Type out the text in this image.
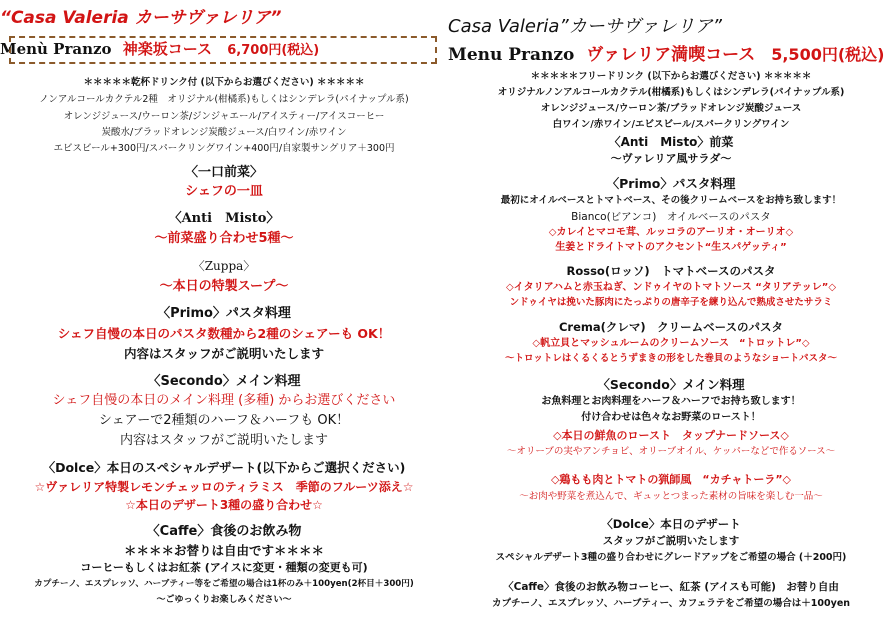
“Casa Valeria カーサヴァレリア”
Menù Pranzo 神楽坂コース 6,700円(税込)
＊＊＊＊＊乾杯ドリンク付 (以下からお選びください) ＊＊＊＊＊
ノンアルコールカクテル2種　オリジナル(柑橘系)もしくはシンデレラ(パイナップル系)
オレンジジュース/ウーロン茶/ジンジャエール/アイスティー/アイスコーヒー
炭酸水/ブラッドオレンジ炭酸ジュース/白ワイン/赤ワイン
エビスビール+300円/スパークリングワイン+400円/自家製サングリア＋300円
〈一口前菜〉
シェフの一皿
〈Anti　Misto〉
～前菜盛り合わせ5種～
〈Zuppa〉
～本日の特製スープ～
〈Primo〉パスタ料理
シェフ自慢の本日のパスタ数種から2種のシェアーも OK！
内容はスタッフがご説明いたします
〈Secondo〉メイン料理
シェフ自慢の本日のメイン料理 (多種) からお選びください
シェアーで2種類のハーフ＆ハーフも OK！
内容はスタッフがご説明いたします
〈Dolce〉本日のスペシャルデザート(以下からご選択ください)
☆ヴァレリア特製レモンチェッロのティラミス　季節のフルーツ添え☆
☆本日のデザート3種の盛り合わせ☆
〈Caffe〉食後のお飲み物
＊＊＊＊お替りは自由です＊＊＊＊
コーヒーもしくはお紅茶 (アイスに変更・種類の変更も可)
カプチーノ、エスプレッソ、ハーブティー等をご希望の場合は1杯のみ＋100yen(2杯目＋300円)
～ごゆっくりお楽しみください～
Casa Valeria”カーサヴァレリア”
Menu Pranzo ヴァレリア満喫コース 5,500円(税込)
＊＊＊＊＊フリードリンク (以下からお選びください) ＊＊＊＊＊
オリジナルノンアルコールカクテル(柑橘系)もしくはシンデレラ(パイナップル系)
オレンジジュース/ウーロン茶/ブラッドオレンジ炭酸ジュース
白ワイン/赤ワイン/エビスビール/スパークリングワイン
〈Anti　Misto〉前菜
～ヴァレリア風サラダ～
〈Primo〉パスタ料理
最初にオイルベースとトマトベース、その後クリームベースをお持ち致します！
Bianco(ビアンコ)　オイルベースのパスタ
◇カレイとマコモ茸、ルッコラのアーリオ・オーリオ◇
生姜とドライトマトのアクセント“生スパゲッティ”
Rosso(ロッソ)　トマトベースのパスタ
◇イタリアハムと赤玉ねぎ、ンドゥイヤのトマトソース “タリアテッレ”◇
ンドゥイヤは挽いた豚肉にたっぷりの唐辛子を練り込んで熟成させたサラミ
Crema(クレマ)　クリームベースのパスタ
◇帆立貝とマッシュルームのクリームソース　“トロットレ”◇
～トロットレはくるくるとうずまきの形をした巻貝のようなショートパスタ～
〈Secondo〉メイン料理
お魚料理とお肉料理をハーフ＆ハーフでお持ち致します！
付け合わせは色々なお野菜のロースト！
◇本日の鮮魚のロースト　タップナードソース◇
～オリーブの実やアンチョビ、オリーブオイル、ケッパーなどで作るソース～
◇鶏もも肉とトマトの猟師風　“カチャトーラ”◇
～お肉や野菜を煮込んで、ギュッとつまった素材の旨味を楽しむ一品～
〈Dolce〉本日のデザート
スタッフがご説明いたします
スペシャルデザート3種の盛り合わせにグレードアップをご希望の場合 (＋200円)
〈Caffe〉食後のお飲み物コーヒー、紅茶 (アイスも可能)　お替り自由
カプチーノ、エスプレッソ、ハーブティー、カフェラテをご希望の場合は＋100yen
